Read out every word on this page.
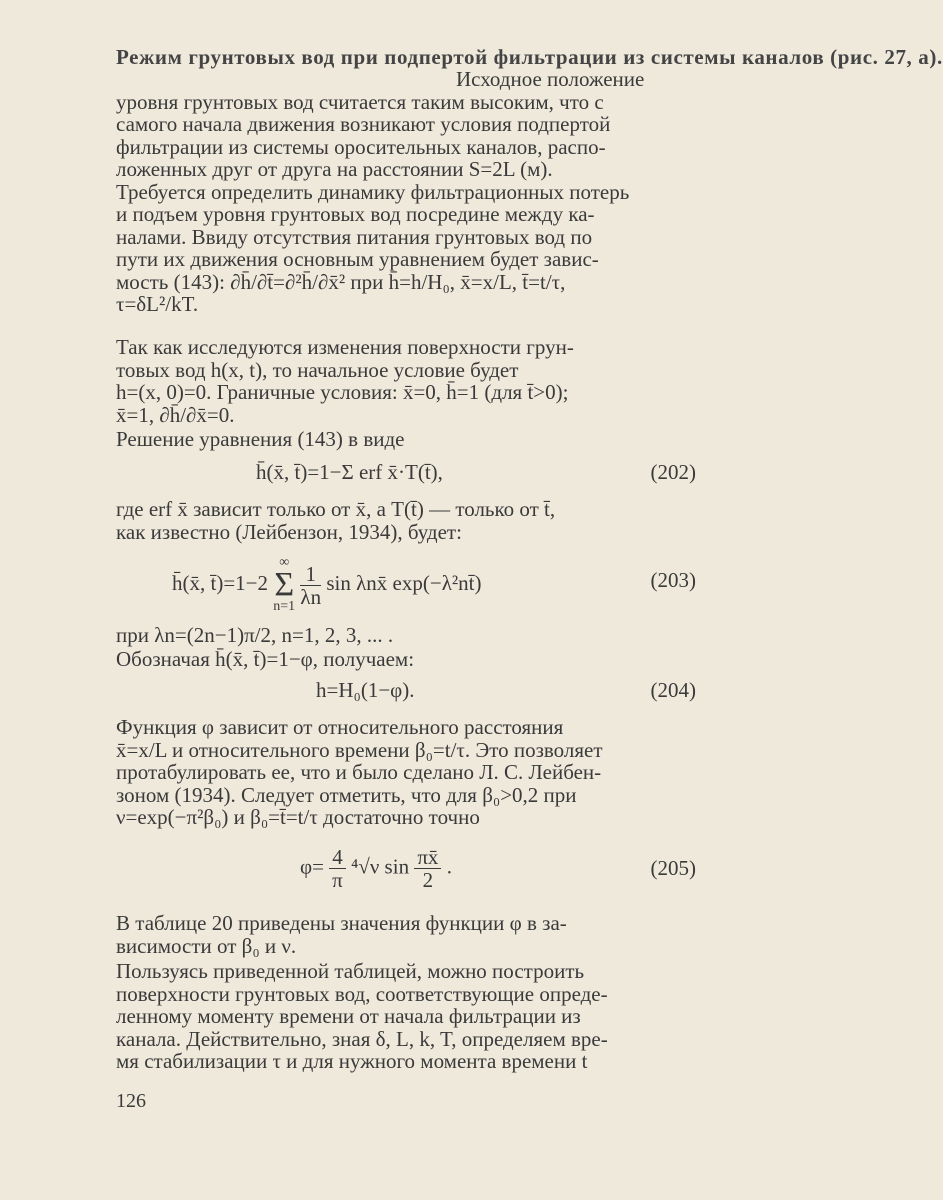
Режим грунтовых вод при подпертой фильтрации из системы каналов (рис. 27, а).
Исходное положение
уровня грунтовых вод считается таким высоким, что с
самого начала движения возникают условия подпертой
фильтрации из системы оросительных каналов, распо-
ложенных друг от друга на расстоянии S=2L (м).
Требуется определить динамику фильтрационных потерь
и подъем уровня грунтовых вод посредине между ка-
налами. Ввиду отсутствия питания грунтовых вод по
пути их движения основным уравнением будет завис-
мость (143): ∂h̄/∂t̄=∂²h̄/∂x̄² при h̄=h/H₀, x̄=x/L, t̄=t/τ,
τ=δL²/kT.
Так как исследуются изменения поверхности грун-
товых вод h(x, t), то начальное условие будет
h=(x, 0)=0. Граничные условия: x̄=0, h̄=1 (для t̄>0);
x̄=1, ∂h̄/∂x̄=0.
Решение уравнения (143) в виде
h̄(x̄, t̄)=1−Σ erf x̄·T(t̄),	(202)
где erf x̄ зависит только от x̄, а T(t̄) — только от t̄,
как известно (Лейбензон, 1934), будет:
h̄(x̄, t̄)=1−2 ∞
Σ
$n=1 \frac{1}{\lambda n}$ sin λnx̄ exp(−λ²nt̄)	(203)
при λn=(2n−1)π/2, n=1, 2, 3, ... .
Обозначая h̄(x̄, t̄)=1−φ, получаем:
h=H₀(1−φ).	(204)
Функция φ зависит от относительного расстояния
x̄=x/L и относительного времени β₀=t/τ. Это позволяет
протабулировать ее, что и было сделано Л. С. Лейбен-
зоном (1934). Следует отметить, что для β₀>0,2 при
ν=exp(−π²β₀) и β₀=t̄=t/τ достаточно точно
$\varphi= \frac{4}{\pi} ^4√\nu$ $\sin \frac{\pi x̄}{2}$ .	(205)
В таблице 20 приведены значения функции φ в за-
висимости от β₀ и ν.
Пользуясь приведенной таблицей, можно построить
поверхности грунтовых вод, соответствующие опреде-
ленному моменту времени от начала фильтрации из
канала. Действительно, зная δ, L, k, T, определяем вре-
мя стабилизации τ и для нужного момента времени t
126
